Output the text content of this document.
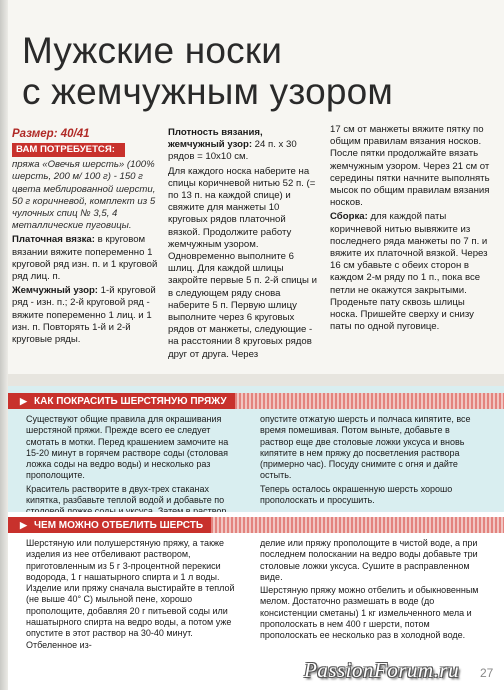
Мужские носки
с жемчужным узором
Размер: 40/41
ВАМ ПОТРЕБУЕТСЯ:

пряжа «Овечья шерсть» (100% шерсть, 200 м/ 100 г) - 150 г цвета меблированной шерсти, 50 г коричневой, комплект из 5 чулочных спиц № 3,5, 4 металлические пуговицы.

Платочная вязка: в круговом вязании вяжите попеременно 1 круговой ряд изн. п. и 1 круговой ряд лиц. п.

Жемчужный узор: 1-й круговой ряд - изн. п.; 2-й круговой ряд - вяжите попеременно 1 лиц. и 1 изн. п. Повторять 1-й и 2-й круговые ряды.

Плотность вязания, жемчужный узор: 24 п. х 30 рядов = 10х10 см.

Для каждого носка наберите на спицы коричневой нитью 52 п. (= по 13 п. на каждой спице) и свяжите для манжеты 10 круговых рядов платочной вязкой. Продолжите работу жемчужным узором. Одновременно выполните 6 шлиц. Для каждой шлицы закройте первые 5 п. 2-й спицы и в следующем ряду снова наберите 5 п. Первую шлицу выполните через 6 круговых рядов от манжеты, следующие - на расстоянии 8 круговых рядов друг от друга. Через

17 см от манжеты вяжите пятку по общим правилам вязания носков. После пятки продолжайте вязать жемчужным узором. Через 21 см от середины пятки начните выполнять мысок по общим правилам вязания носков.

Сборка: для каждой паты коричневой нитью вывяжите из последнего ряда манжеты по 7 п. и вяжите их платочной вязкой. Через 16 см убавьте с обеих сторон в каждом 2-м ряду по 1 п., пока все петли не окажутся закрытыми. Проденьте пату сквозь шлицы носка. Пришейте сверху и снизу паты по одной пуговице.

▶ КАК ПОКРАСИТЬ ШЕРСТЯНУЮ ПРЯЖУ

Существуют общие правила для окрашивания шерстяной пряжи. Прежде всего ее следует смотать в мотки. Перед крашением замочите на 15-20 минут в горячем растворе соды (столовая ложка соды на ведро воды) и несколько раз прополощите.

Краситель растворите в двух-трех стаканах кипятка, разбавьте теплой водой и добавьте по

опустите отжатую шерсть и полчаса кипятите, все время помешивая. Потом выньте, добавьте в раствор еще две столовые ложки уксуса и вновь кипятите в нем пряжу до посветления раствора (примерно час). Посуду снимите с огня и дайте остыть.

Теперь осталось окрашенную шерсть хорошо прополоскать и просушить.

▶ ЧЕМ МОЖНО ОТБЕЛИТЬ ШЕРСТЬ

Шерстяную или полушерстяную пряжу, а также изделия из нее отбеливают раствором, приготовленным из 5 г 3-процентной перекиси водорода, 1 г нашатырного спирта и 1 л воды. Изделие или пряжу сначала выстирайте в теплой (не выше 40° С) мыльной пене, хорошо прополощите, добавляя 20 г питьевой соды или нашатырного спирта на ведро воды, а потом уже опустите в этот раствор на 30-40 минут. Отбеленное из-

делие или пряжу прополощите в чистой воде, а при последнем полоскании на ведро воды добавьте три столовые ложки уксуса. Сушите в расправленном виде.

Шерстяную пряжу можно отбелить и обыкновенным мелом. Достаточно размешать в воде (до консистенции сметаны) 1 кг измельченного мела и прополоскать в нем 400 г шерсти, потом прополоскать ее несколько раз в холодной воде.

PassionForum.ru 27
